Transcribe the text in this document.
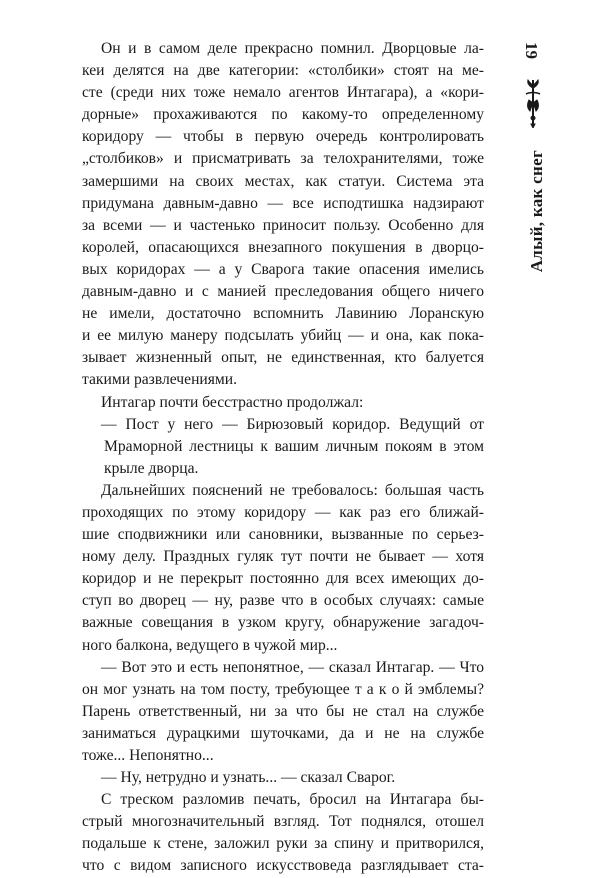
Он и в самом деле прекрасно помнил. Дворцовые ла-
кеи делятся на две категории: «столбики» стоят на ме-
сте (среди них тоже немало агентов Интагара), а «кори-
дорные» прохаживаются по какому-то определенному
коридору — чтобы в первую очередь контролировать
„столбиков» и присматривать за телохранителями, тоже
замершими на своих местах, как статуи. Система эта
придумана давным-давно — все исподтишка надзирают
за всеми — и частенько приносит пользу. Особенно для
королей, опасающихся внезапного покушения в дворцо-
вых коридорах — а у Сварога такие опасения имелись
давным-давно и с манией преследования общего ничего
не имели, достаточно вспомнить Лавинию Лоранскую
и ее милую манеру подсылать убийц — и она, как пока-
зывает жизненный опыт, не единственная, кто балуется
такими развлечениями.
Интагар почти бесстрастно продолжал:
— Пост у него — Бирюзовый коридор. Ведущий от
Мраморной лестницы к вашим личным покоям в этом
крыле дворца.
Дальнейших пояснений не требовалось: большая часть
проходящих по этому коридору — как раз его ближай-
шие сподвижники или сановники, вызванные по серьез-
ному делу. Праздных гуляк тут почти не бывает — хотя
коридор и не перекрыт постоянно для всех имеющих до-
ступ во дворец — ну, разве что в особых случаях: самые
важные совещания в узком кругу, обнаружение загадоч-
ного балкона, ведущего в чужой мир...
— Вот это и есть непонятное, — сказал Интагар. — Что
он мог узнать на том посту, требующее т а к о й эмблемы?
Парень ответственный, ни за что бы не стал на службе
заниматься дурацкими шуточками, да и не на службе
тоже... Непонятно...
— Ну, нетрудно и узнать... — сказал Сварог.
С треском разломив печать, бросил на Интагара бы-
стрый многозначительный взгляд. Тот поднялся, отошел
подальше к стене, заложил руки за спину и притворился,
что с видом записного искусствоведа разглядывает ста-
19
Алый, как снег
